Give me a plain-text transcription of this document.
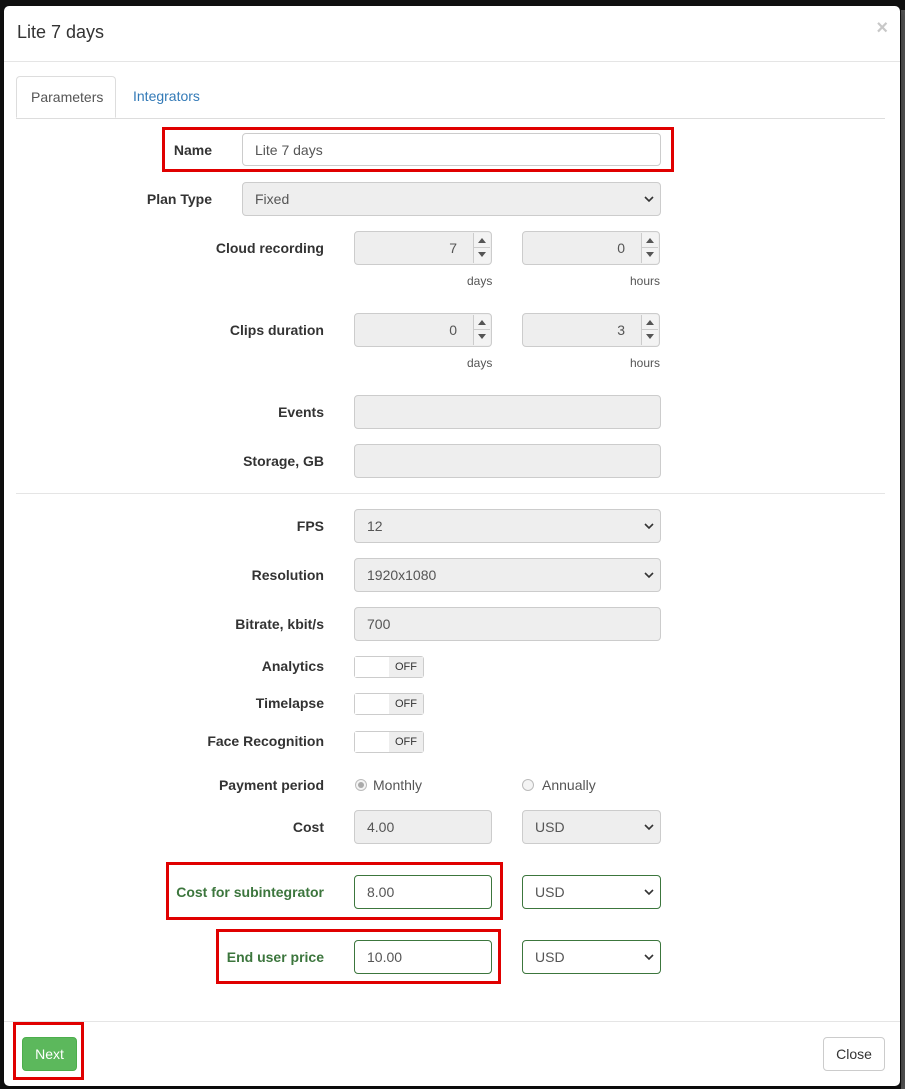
Lite 7 days	×
Parameters	Integrators
Name	Lite 7 days
Plan Type	Fixed
Cloud recording	7	0
days	hours
Clips duration	0	3
days	hours
Events
Storage, GB
FPS	12
Resolution	1920x1080
Bitrate, kbit/s	700
Analytics	OFF
Timelapse	OFF
Face Recognition	OFF
Payment period	Monthly	Annually
Cost	4.00	USD
Cost for subintegrator	8.00	USD
End user price	10.00	USD
Next	Close
